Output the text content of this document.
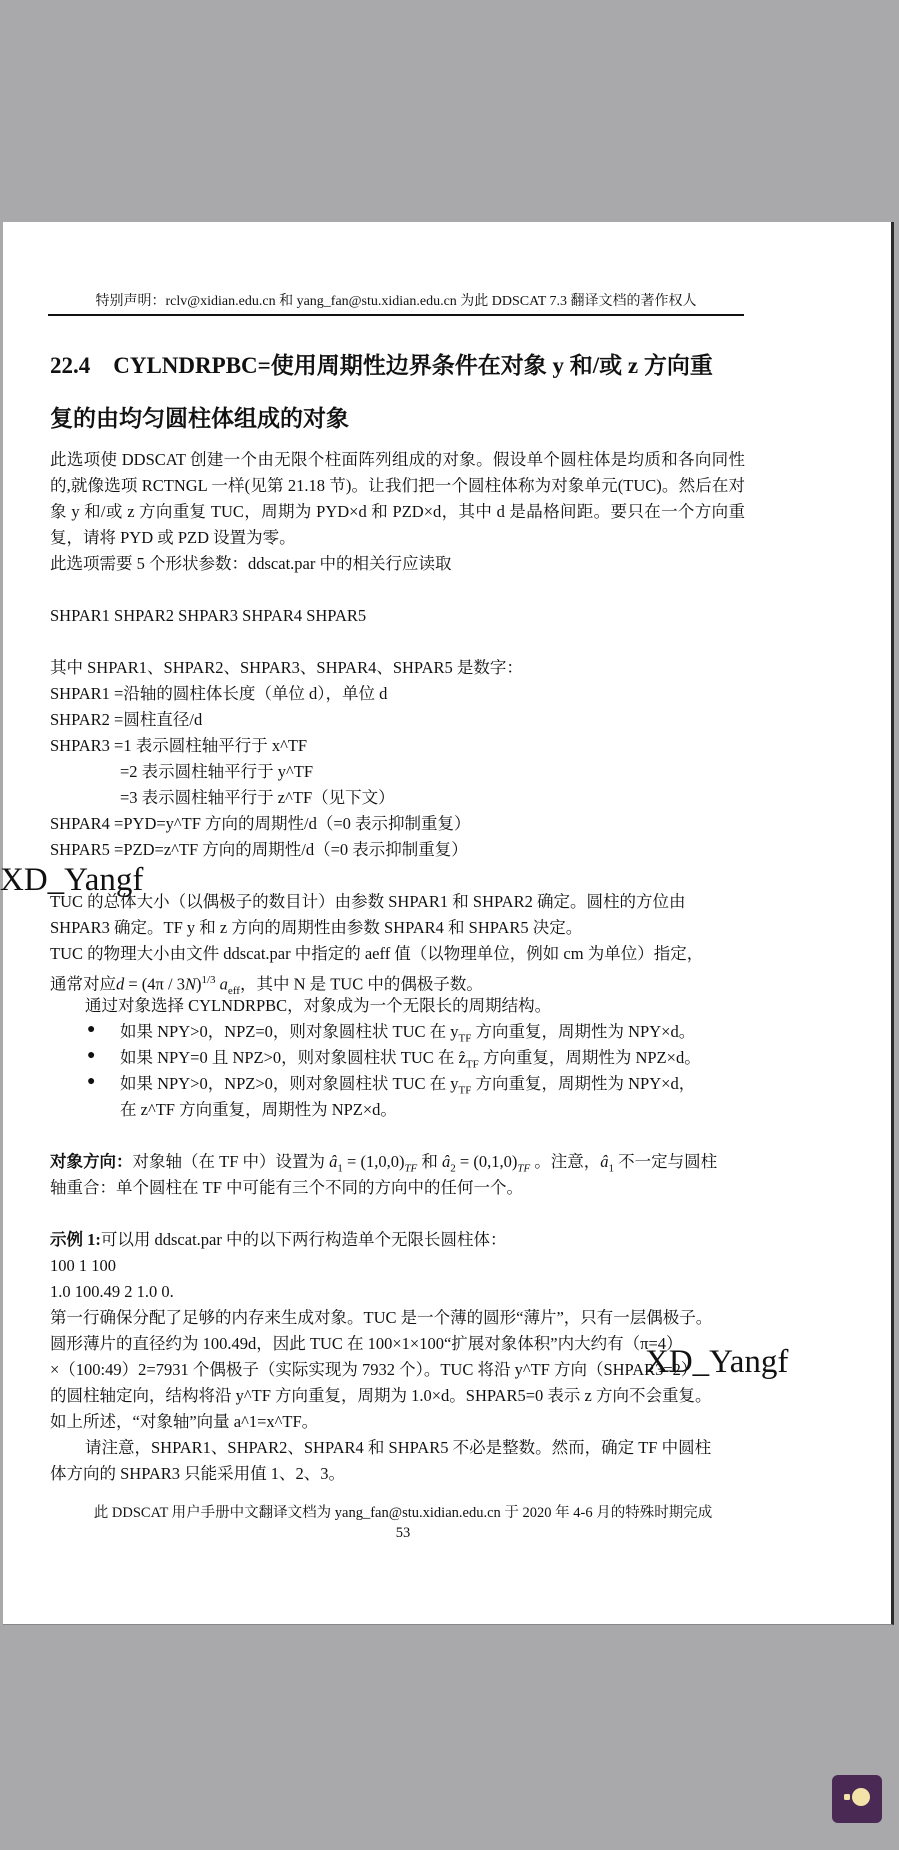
特别声明：rclv@xidian.edu.cn 和 yang_fan@stu.xidian.edu.cn 为此 DDSCAT 7.3 翻译文档的著作权人
22.4　CYLNDRPBC=使用周期性边界条件在对象 y 和/或 z 方向重
复的由均匀圆柱体组成的对象

此选项使 DDSCAT 创建一个由无限个柱面阵列组成的对象。假设单个圆柱体是均质和各向同性的,就像选项 RCTNGL 一样(见第 21.18 节)。让我们把一个圆柱体称为对象单元(TUC)。然后在对象 y 和/或 z 方向重复 TUC，周期为 PYD×d 和 PZD×d，其中 d 是晶格间距。要只在一个方向重复，请将 PYD 或 PZD 设置为零。

此选项需要 5 个形状参数：ddscat.par 中的相关行应读取
SHPAR1 SHPAR2 SHPAR3 SHPAR4 SHPAR5
其中 SHPAR1、SHPAR2、SHPAR3、SHPAR4、SHPAR5 是数字：
SHPAR1 =沿轴的圆柱体长度（单位 d），单位 d
SHPAR2 =圆柱直径/d
SHPAR3 =1 表示圆柱轴平行于 x^TF
=2 表示圆柱轴平行于 y^TF
=3 表示圆柱轴平行于 z^TF（见下文）
SHPAR4 =PYD=y^TF 方向的周期性/d（=0 表示抑制重复）
SHPAR5 =PZD=z^TF 方向的周期性/d（=0 表示抑制重复）
TUC 的总体大小（以偶极子的数目计）由参数 SHPAR1 和 SHPAR2 确定。圆柱的方位由
SHPAR3 确定。TF y 和 z 方向的周期性由参数 SHPAR4 和 SHPAR5 决定。
TUC 的物理大小由文件 ddscat.par 中指定的 aeff 值（以物理单位，例如 cm 为单位）指定，
通常对应d = (4π / 3N)$^{1/3}$ $a_{eff}$，其中 N 是 TUC 中的偶极子数。
通过对象选择 CYLNDRPBC，对象成为一个无限长的周期结构。
● 如果 NPY>0，NPZ=0，则对象圆柱状 TUC 在 $y_{TF}$ 方向重复，周期性为 NPY×d。
● 如果 NPY=0 且 NPZ>0，则对象圆柱状 TUC 在 ẑ$_{TF}$ 方向重复，周期性为 NPZ×d。
● 如果 NPY>0，NPZ>0，则对象圆柱状 TUC 在 $y_{TF}$ 方向重复，周期性为 NPY×d，
在 z^TF 方向重复，周期性为 NPZ×d。
对象方向：对象轴（在 TF 中）设置为 $â_1 = (1,0,0)_{TF}$ 和 $â_2 = (0,1,0)_{TF}$ 。注意，$â_1$ 不一定与圆柱
轴重合：单个圆柱在 TF 中可能有三个不同的方向中的任何一个。
示例 1:可以用 ddscat.par 中的以下两行构造单个无限长圆柱体：
100 1 100
1.0 100.49 2 1.0 0.
第一行确保分配了足够的内存来生成对象。TUC 是一个薄的圆形“薄片”，只有一层偶极子。
圆形薄片的直径约为 100.49d，因此 TUC 在 100×1×100“扩展对象体积”内大约有（π=4）
×（100:49）2=7931 个偶极子（实际实现为 7932 个）。TUC 将沿 y^TF 方向（SHPAR3=2）
的圆柱轴定向，结构将沿 y^TF 方向重复，周期为 1.0×d。SHPAR5=0 表示 z 方向不会重复。
如上所述，“对象轴”向量 a^1=x^TF。
请注意，SHPAR1、SHPAR2、SHPAR4 和 SHPAR5 不必是整数。然而，确定 TF 中圆柱
体方向的 SHPAR3 只能采用值 1、2、3。
此 DDSCAT 用户手册中文翻译文档为 yang_fan@stu.xidian.edu.cn 于 2020 年 4-6 月的特殊时期完成
53
XD_Yangf
XD_Yangf
